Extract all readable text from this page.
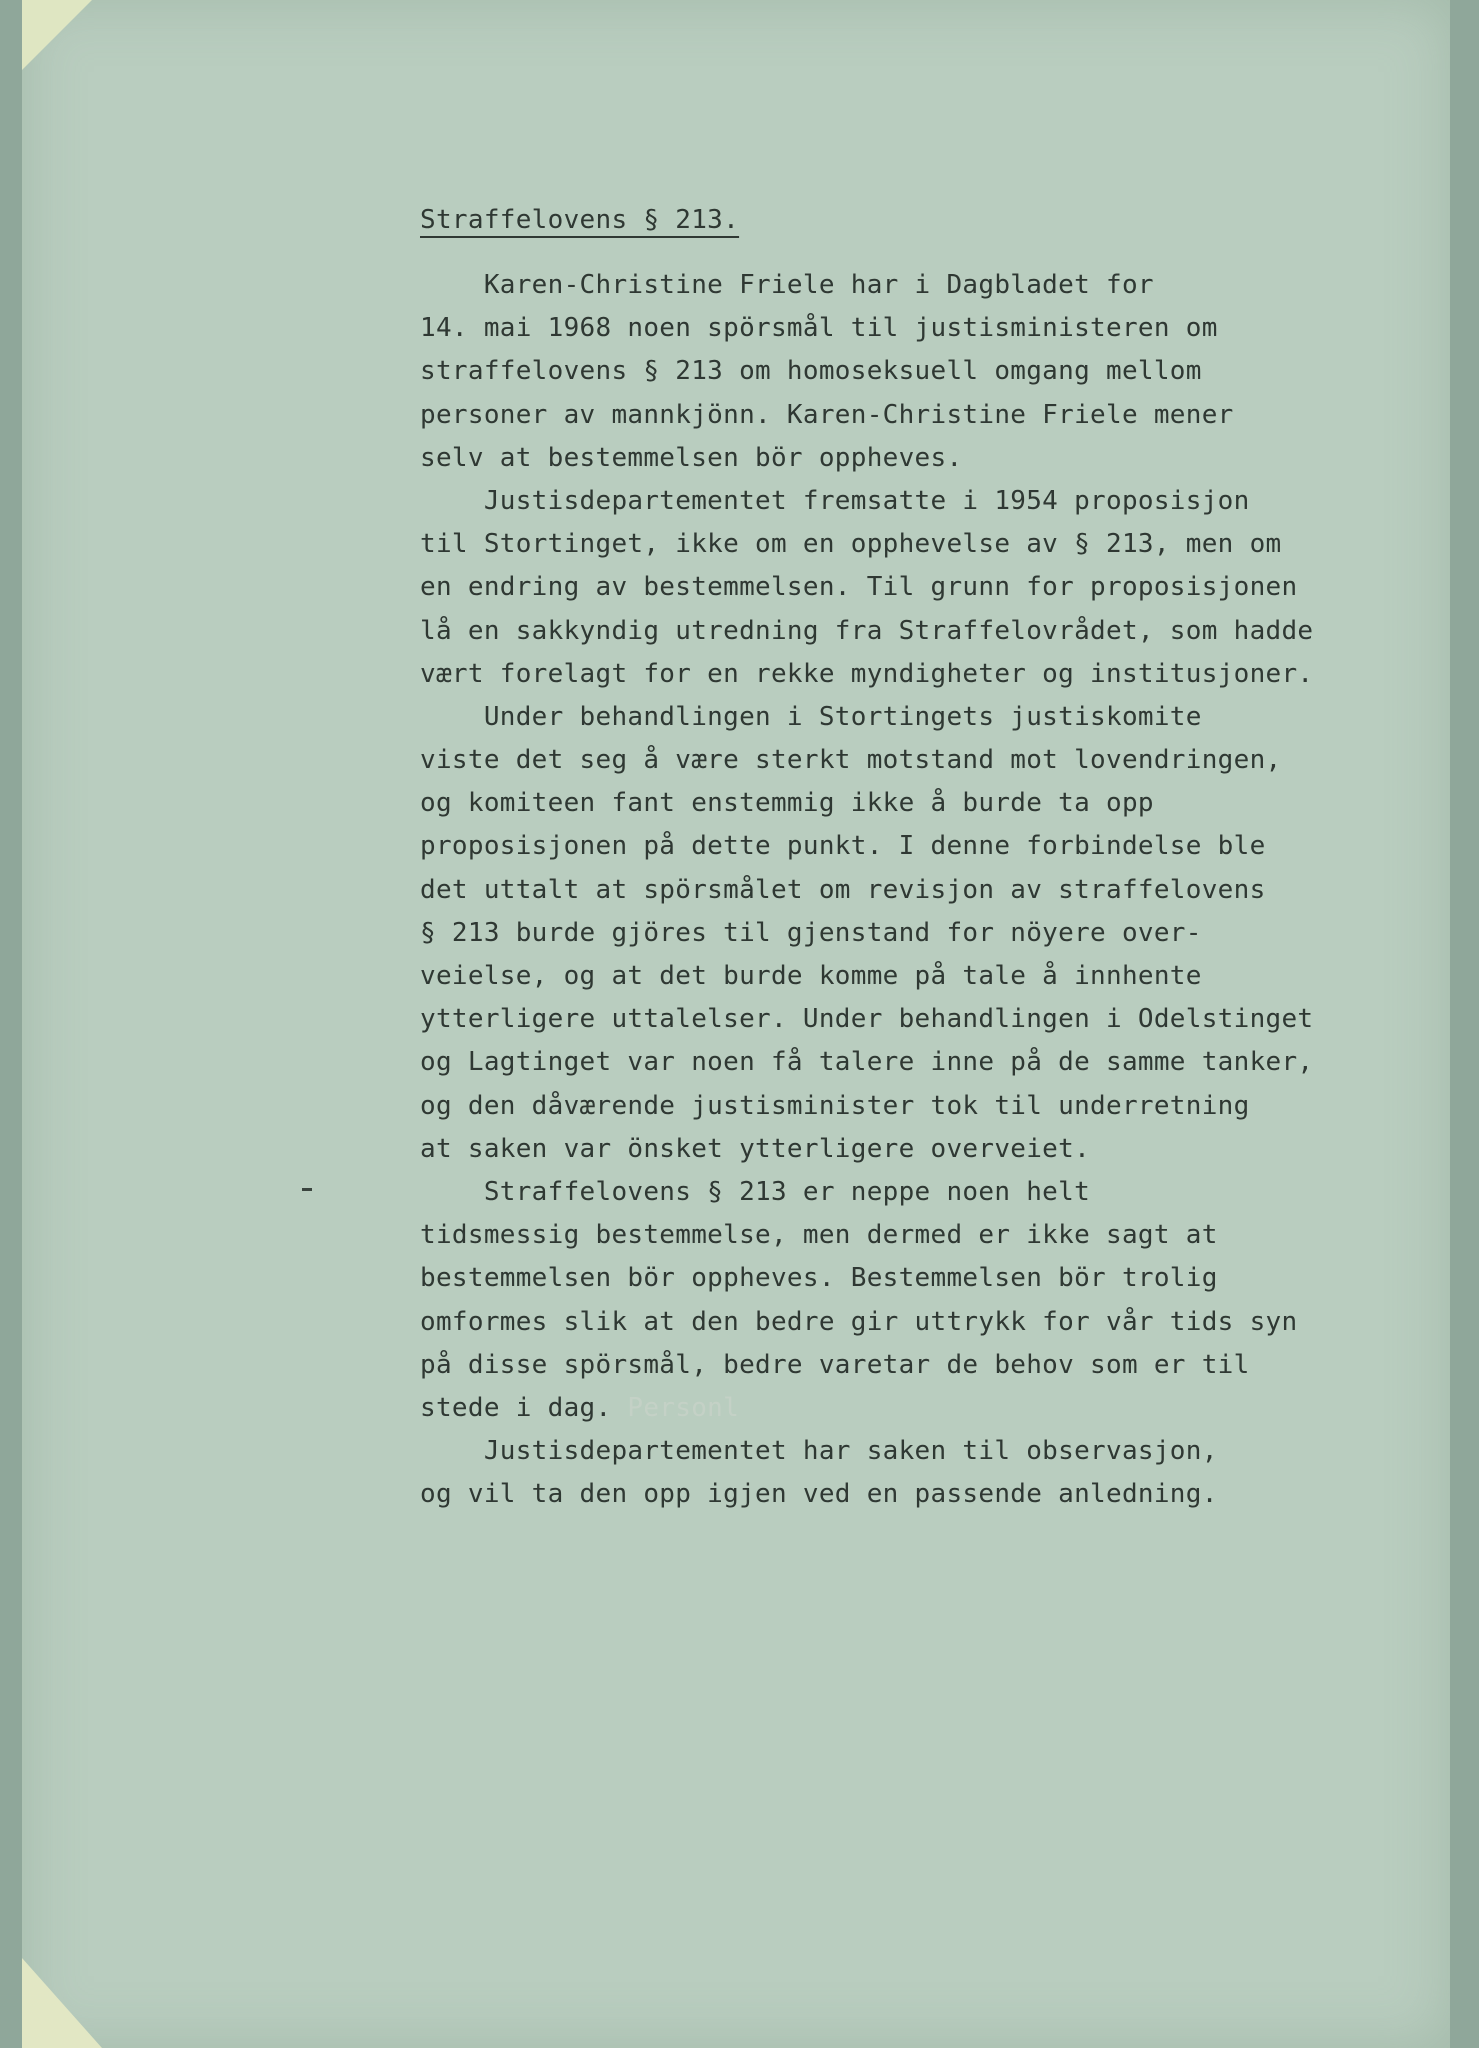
Straffelovens § 213.
Karen-Christine Friele har i Dagbladet for
14. mai 1968 noen spörsmål til justisministeren om
straffelovens § 213 om homoseksuell omgang mellom
personer av mannkjönn. Karen-Christine Friele mener
selv at bestemmelsen bör oppheves.
Justisdepartementet fremsatte i 1954 proposisjon
til Stortinget, ikke om en opphevelse av § 213, men om
en endring av bestemmelsen. Til grunn for proposisjonen
lå en sakkyndig utredning fra Straffelovrådet, som hadde
vært forelagt for en rekke myndigheter og institusjoner.
Under behandlingen i Stortingets justiskomite
viste det seg å være sterkt motstand mot lovendringen,
og komiteen fant enstemmig ikke å burde ta opp
proposisjonen på dette punkt. I denne forbindelse ble
det uttalt at spörsmålet om revisjon av straffelovens
§ 213 burde gjöres til gjenstand for nöyere over-
veielse, og at det burde komme på tale å innhente
ytterligere uttalelser. Under behandlingen i Odelstinget
og Lagtinget var noen få talere inne på de samme tanker,
og den dåværende justisminister tok til underretning
at saken var önsket ytterligere overveiet.
Straffelovens § 213 er neppe noen helt
tidsmessig bestemmelse, men dermed er ikke sagt at
bestemmelsen bör oppheves. Bestemmelsen bör trolig
omformes slik at den bedre gir uttrykk for vår tids syn
på disse spörsmål, bedre varetar de behov som er til
stede i dag. Personl
Justisdepartementet har saken til observasjon,
og vil ta den opp igjen ved en passende anledning.
